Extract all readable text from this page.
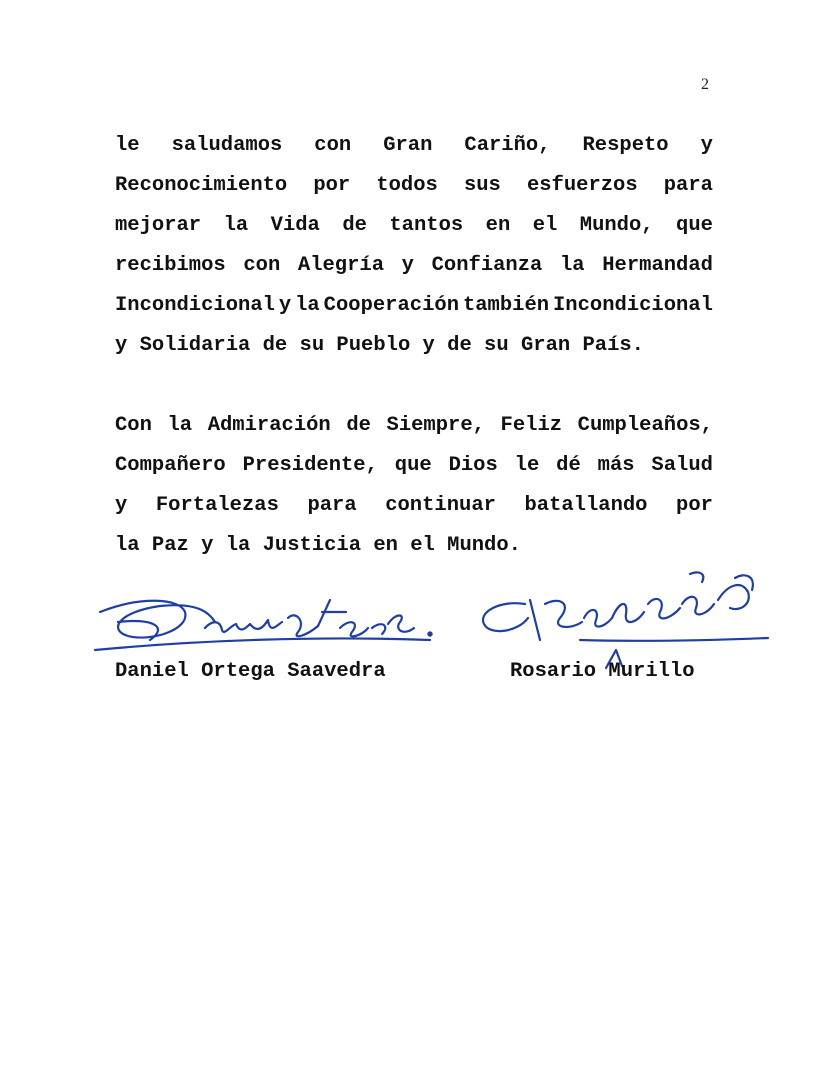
2
le saludamos con Gran Cariño, Respeto y
Reconocimiento por todos sus esfuerzos para
mejorar la Vida de tantos en el Mundo, que
recibimos con Alegría y Confianza la Hermandad
Incondicional y la Cooperación también Incondicional
y Solidaria de su Pueblo y de su Gran País.
Con la Admiración de Siempre, Feliz Cumpleaños,
Compañero Presidente, que Dios le dé más Salud
y Fortalezas para continuar batallando por
la Paz y la Justicia en el Mundo.
Daniel Ortega Saavedra	Rosario Murillo
